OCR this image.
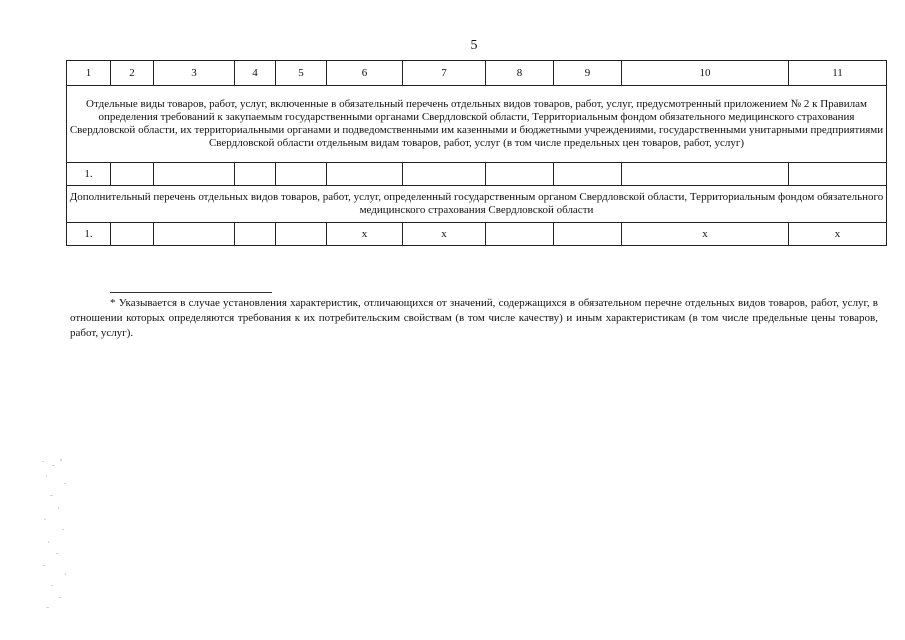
5
1	2	3	4	5	6	7	8	9	10	11
Отдельные виды товаров, работ, услуг, включенные в обязательный перечень отдельных видов товаров, работ, услуг, предусмотренный приложением № 2 к Правилам определения требований к закупаемым государственными органами Свердловской области, Территориальным фондом обязательного медицинского страхования Свердловской области, их территориальными органами и подведомственными им казенными и бюджетными учреждениями, государственными унитарными предприятиями Свердловской области отдельным видам товаров, работ, услуг (в том числе предельных цен товаров, работ, услуг)										
1.										
Дополнительный перечень отдельных видов товаров, работ, услуг, определенный государственным органом Свердловской области, Территориальным фондом обязательного медицинского страхования Свердловской области										
1.					x	x			x	x
* Указывается в случае установления характеристик, отличающихся от значений, содержащихся в обязательном перечне отдельных видов товаров, работ, услуг, в отношении которых определяются требования к их потребительским свойствам (в том числе качеству) и иным характеристикам (в том числе предельные цены товаров, работ, услуг).
